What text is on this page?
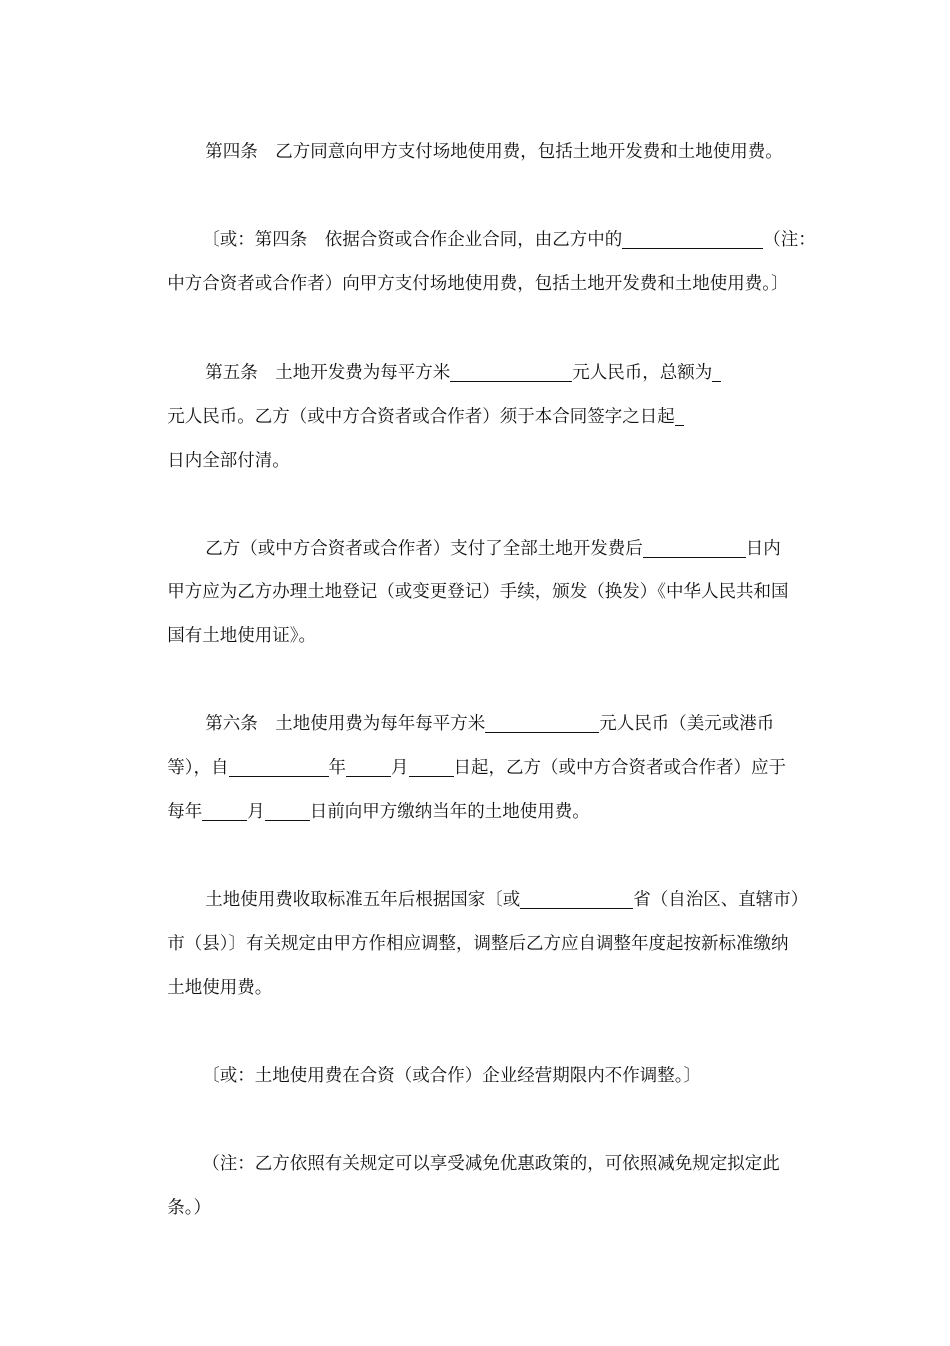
第四条　乙方同意向甲方支付场地使用费，包括土地开发费和土地使用费。

〔或：第四条　依据合资或合作企业合同，由乙方中的	（注：

中方合资者或合作者）向甲方支付场地使用费，包括土地开发费和土地使用费。〕

第五条　土地开发费为每平方米	元人民币，总额为

元人民币。乙方（或中方合资者或合作者）须于本合同签字之日起

日内全部付清。

乙方（或中方合资者或合作者）支付了全部土地开发费后	日内

甲方应为乙方办理土地登记（或变更登记）手续，颁发（换发）《中华人民共和国

国有土地使用证》。

第六条　土地使用费为每年每平方米	元人民币（美元或港币

等），自	年	月	日起，乙方（或中方合资者或合作者）应于

每年	月	日前向甲方缴纳当年的土地使用费。

土地使用费收取标准五年后根据国家〔或	省（自治区、直辖市）

市（县）〕有关规定由甲方作相应调整，调整后乙方应自调整年度起按新标准缴纳

土地使用费。

〔或：土地使用费在合资（或合作）企业经营期限内不作调整。〕

（注：乙方依照有关规定可以享受减免优惠政策的，可依照减免规定拟定此

条。）
